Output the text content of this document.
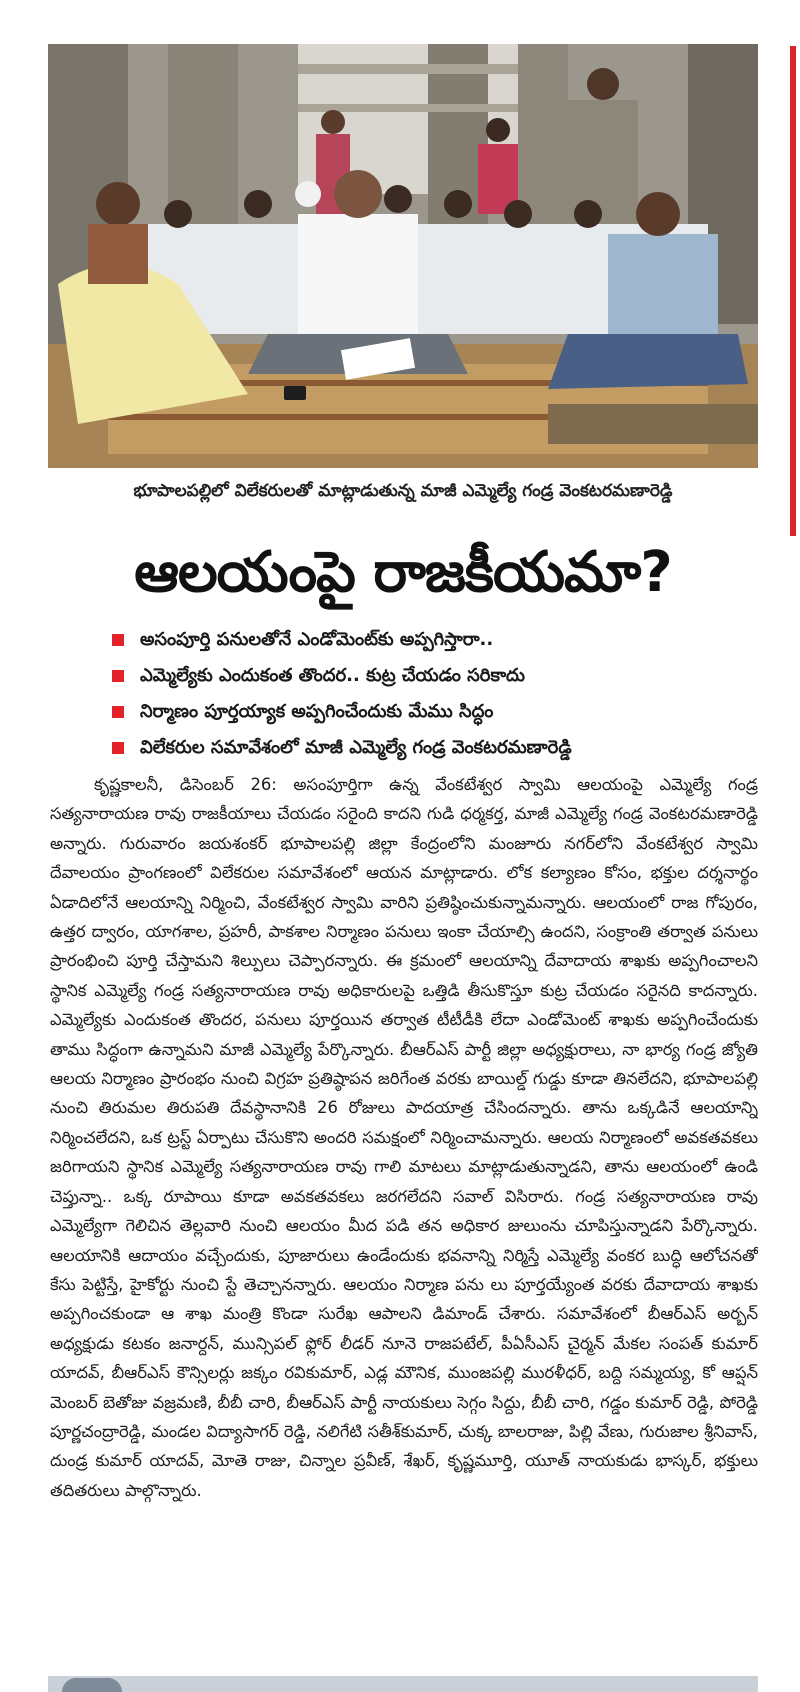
భూపాలపల్లిలో విలేకరులతో మాట్లాడుతున్న మాజీ ఎమ్మెల్యే గండ్ర వెంకటరమణారెడ్డి
ఆలయంపై రాజకీయమా?
అసంపూర్తి పనులతోనే ఎండోమెంట్‌కు అప్పగిస్తారా..
ఎమ్మెల్యేకు ఎందుకంత తొందర.. కుట్ర చేయడం సరికాదు
నిర్మాణం పూర్తయ్యాక అప్పగించేందుకు మేము సిద్ధం
విలేకరుల సమావేశంలో మాజీ ఎమ్మెల్యే గండ్ర వెంకటరమణారెడ్డి
కృష్ణకాలనీ, డిసెంబర్ 26: అసంపూర్తిగా ఉన్న వేంకటేశ్వర స్వామి ఆలయంపై ఎమ్మెల్యే గండ్ర సత్యనారాయణ రావు రాజకీయాలు చేయడం సరైంది కాదని గుడి ధర్మకర్త, మాజీ ఎమ్మెల్యే గండ్ర వెంకటరమణారెడ్డి అన్నారు. గురువారం జయశంకర్ భూపాలపల్లి జిల్లా కేంద్రంలోని మంజూరు నగర్‌లోని వేంకటేశ్వర స్వామి దేవాలయం ప్రాంగణంలో విలేకరుల సమావేశంలో ఆయన మాట్లాడారు. లోక కల్యాణం కోసం, భక్తుల దర్శనార్థం ఏడాదిలోనే ఆలయాన్ని నిర్మించి, వేంకటేశ్వర స్వామి వారిని ప్రతిష్ఠించుకున్నామన్నారు. ఆలయంలో రాజ గోపురం, ఉత్తర ద్వారం, యాగశాల, ప్రహరీ, పాకశాల నిర్మాణం పనులు ఇంకా చేయాల్సి ఉందని, సంక్రాంతి తర్వాత పనులు ప్రారంభించి పూర్తి చేస్తామని శిల్పులు చెప్పారన్నారు. ఈ క్రమంలో ఆలయాన్ని దేవాదాయ శాఖకు అప్పగించాలని స్థానిక ఎమ్మెల్యే గండ్ర సత్యనారాయణ రావు అధికారులపై ఒత్తిడి తీసుకొస్తూ కుట్ర చేయడం సరైనది కాదన్నారు. ఎమ్మెల్యేకు ఎందుకంత తొందర, పనులు పూర్తయిన తర్వాత టీటీడీకి లేదా ఎండోమెంట్ శాఖకు అప్పగించేందుకు తాము సిద్ధంగా ఉన్నామని మాజీ ఎమ్మెల్యే పేర్కొన్నారు. బీఆర్ఎస్ పార్టీ జిల్లా అధ్యక్షురాలు, నా భార్య గండ్ర జ్యోతి ఆలయ నిర్మాణం ప్రారంభం నుంచి విగ్రహ ప్రతిష్ఠాపన జరిగేంత వరకు బాయిల్డ్ గుడ్డు కూడా తినలేదని, భూపాలపల్లి నుంచి తిరుమల తిరుపతి దేవస్థానానికి 26 రోజులు పాదయాత్ర చేసిందన్నారు. తాను ఒక్కడినే ఆలయాన్ని నిర్మించలేదని, ఒక ట్రస్ట్ ఏర్పాటు చేసుకొని అందరి సమక్షంలో నిర్మించామన్నారు. ఆలయ నిర్మాణంలో అవకతవకలు జరిగాయని స్థానిక ఎమ్మెల్యే సత్యనారాయణ రావు గాలి మాటలు మాట్లాడుతున్నాడని, తాను ఆలయంలో ఉండి చెప్తున్నా.. ఒక్క రూపాయి కూడా అవకతవకలు జరగలేదని సవాల్ విసిరారు. గండ్ర సత్యనారాయణ రావు ఎమ్మెల్యేగా గెలిచిన తెల్లవారి నుంచి ఆలయం మీద పడి తన అధికార జులుంను చూపిస్తున్నాడని పేర్కొన్నారు. ఆలయానికి ఆదాయం వచ్చేందుకు, పూజారులు ఉండేందుకు భవనాన్ని నిర్మిస్తే ఎమ్మెల్యే వంకర బుద్ధి ఆలోచనతో కేసు పెట్టిస్తే, హైకోర్టు నుంచి స్టే తెచ్చానన్నారు. ఆలయం నిర్మాణ పను లు పూర్తయ్యేంత వరకు దేవాదాయ శాఖకు అప్పగించకుండా ఆ శాఖ మంత్రి కొండా సురేఖ ఆపాలని డిమాండ్ చేశారు. సమావేశంలో బీఆర్ఎస్ అర్బన్ అధ్యక్షుడు కటకం జనార్దన్, మున్సిపల్ ఫ్లోర్ లీడర్ నూనె రాజపటేల్, పీఏసీఎస్ చైర్మన్ మేకల సంపత్ కుమార్ యాదవ్, బీఆర్ఎస్ కౌన్సిలర్లు జక్కం రవికుమార్, ఎడ్ల మౌనిక, ముంజపల్లి మురళీధర్, బద్ది సమ్మయ్య, కో ఆప్షన్ మెంబర్ బెతోజు వజ్రమణి, బీబీ చారి, బీఆర్ఎస్ పార్టీ నాయకులు సెగ్గం సిద్దు, బీబీ చారి, గడ్డం కుమార్ రెడ్డి, పోరెడ్డి పూర్ణచంద్రారెడ్డి, మండల విద్యాసాగర్ రెడ్డి, నలిగేటి సతీశ్‌కుమార్, చుక్క బాలరాజు, పిల్లి వేణు, గురుజాల శ్రీనివాస్, దుండ్ర కుమార్ యాదవ్, మోతె రాజు, చిన్నాల ప్రవీణ్, శేఖర్, కృష్ణమూర్తి, యూత్ నాయకుడు భాస్కర్, భక్తులు తదితరులు పాల్గొన్నారు.
